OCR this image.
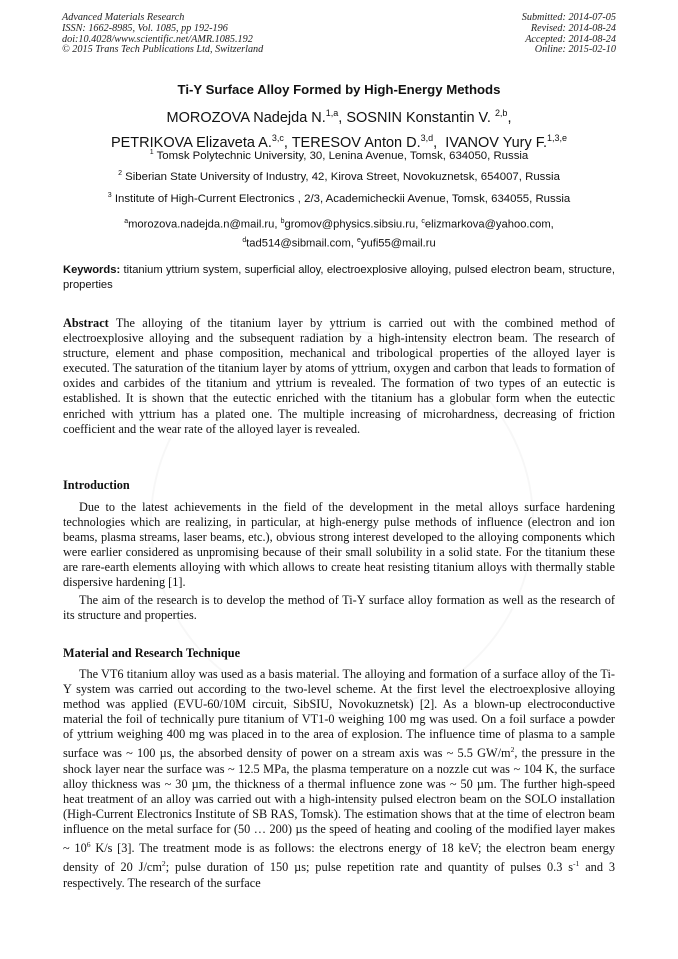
Advanced Materials Research
ISSN: 1662-8985, Vol. 1085, pp 192-196
doi:10.4028/www.scientific.net/AMR.1085.192
© 2015 Trans Tech Publications Ltd, Switzerland
Submitted: 2014-07-05
Revised: 2014-08-24
Accepted: 2014-08-24
Online: 2015-02-10
Ti-Y Surface Alloy Formed by High-Energy Methods
MOROZOVA Nadejda N.$^{1,a}$, SOSNIN Konstantin V. $^{2,b}$,
PETRIKOVA Elizaveta A.$^{3,c}$, TERESOV Anton D.$^{3,d}$, IVANOV Yury F.$^{1,3,e}$
$^1$ Tomsk Polytechnic University, 30, Lenina Avenue, Tomsk, 634050, Russia
$^2$ Siberian State University of Industry, 42, Kirova Street, Novokuznetsk, 654007, Russia
$^3$ Institute of High-Current Electronics , 2/3, Academicheckii Avenue, Tomsk, 634055, Russia
$^a$morozova.nadejda.n@mail.ru, $^b$gromov@physics.sibsiu.ru, $^c$elizmarkova@yahoo.com,
$^d$tad514@sibmail.com, $^e$yufi55@mail.ru
Keywords: titanium yttrium system, superficial alloy, electroexplosive alloying, pulsed electron beam, structure, properties
Abstract The alloying of the titanium layer by yttrium is carried out with the combined method of electroexplosive alloying and the subsequent radiation by a high-intensity electron beam. The research of structure, element and phase composition, mechanical and tribological properties of the alloyed layer is executed. The saturation of the titanium layer by atoms of yttrium, oxygen and carbon that leads to formation of oxides and carbides of the titanium and yttrium is revealed. The formation of two types of an eutectic is established. It is shown that the eutectic enriched with the titanium has a globular form when the eutectic enriched with yttrium has a plated one. The multiple increasing of microhardness, decreasing of friction coefficient and the wear rate of the alloyed layer is revealed.
Introduction
Due to the latest achievements in the field of the development in the metal alloys surface hardening technologies which are realizing, in particular, at high-energy pulse methods of influence (electron and ion beams, plasma streams, laser beams, etc.), obvious strong interest developed to the alloying components which were earlier considered as unpromising because of their small solubility in a solid state. For the titanium these are rare-earth elements alloying with which allows to create heat resisting titanium alloys with thermally stable dispersive hardening [1].
The aim of the research is to develop the method of Ti-Y surface alloy formation as well as the research of its structure and properties.
Material and Research Technique
The VT6 titanium alloy was used as a basis material. The alloying and formation of a surface alloy of the Ti-Y system was carried out according to the two-level scheme. At the first level the electroexplosive alloying method was applied (EVU-60/10M circuit, SibSIU, Novokuznetsk) [2]. As a blown-up electroconductive material the foil of technically pure titanium of VT1-0 weighing 100 mg was used. On a foil surface a powder of yttrium weighing 400 mg was placed in to the area of explosion. The influence time of plasma to a sample surface was ~ 100 µs, the absorbed density of power on a stream axis was ~ 5.5 $GW/m^2$, the pressure in the shock layer near the surface was ~ 12.5 MPa, the plasma temperature on a nozzle cut was ~ 104 K, the surface alloy thickness was ~ 30 µm, the thickness of a thermal influence zone was ~ 50 µm. The further high-speed heat treatment of an alloy was carried out with a high-intensity pulsed electron beam on the SOLO installation (High-Current Electronics Institute of SB RAS, Tomsk). The estimation shows that at the time of electron beam influence on the metal surface for (50 … 200) µs the speed of heating and cooling of the modified layer makes ~ $10^6$ K/s [3]. The treatment mode is as follows: the electrons energy of 18 keV; the electron beam energy density of 20 $J/cm^2$; pulse duration of 150 µs; pulse repetition rate and quantity of pulses 0.3 $s^{-1}$ and 3 respectively. The research of the surface
